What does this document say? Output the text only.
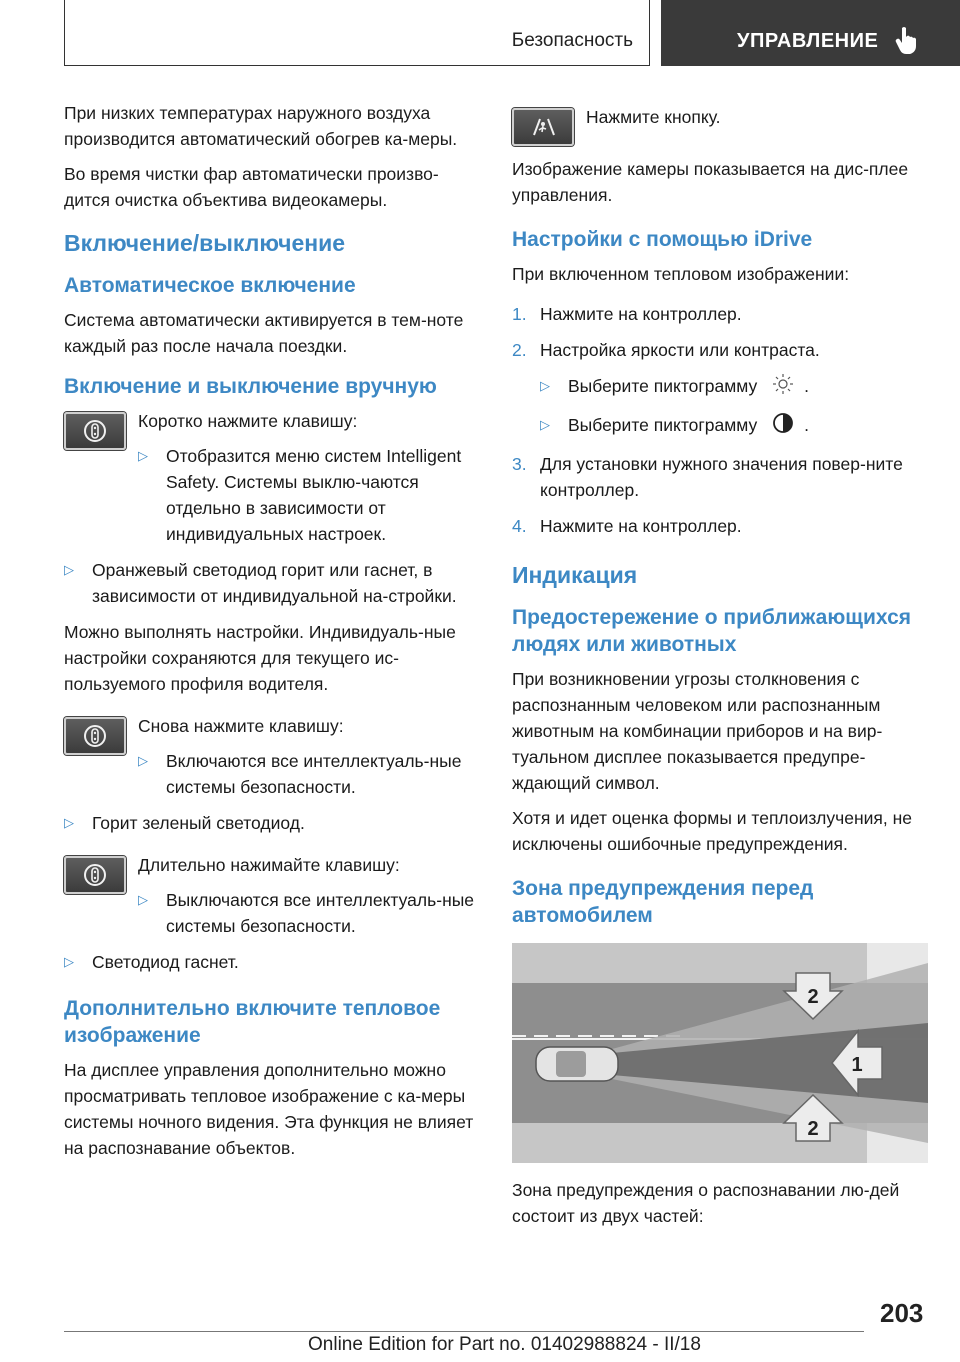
Безопасность	УПРАВЛЕНИЕ

При низких температурах наружного воздуха производится автоматический обогрев ка-меры.

Во время чистки фар автоматически произво-дится очистка объектива видеокамеры.

Включение/выключение
Автоматическое включение

Система автоматически активируется в тем-ноте каждый раз после начала поездки.

Включение и выключение вручную

Коротко нажмите клавишу:

▷	Отобразится меню систем Intelligent Safety. Системы выклю-чаются отдельно в зависимости от индивидуальных настроек.
▷	Оранжевый светодиод горит или гаснет, в зависимости от индивидуальной на-стройки.

Можно выполнять настройки. Индивидуаль-ные настройки сохраняются для текущего ис-пользуемого профиля водителя.

Снова нажмите клавишу:

▷	Включаются все интеллектуаль-ные системы безопасности.
▷	Горит зеленый светодиод.

Длительно нажимайте клавишу:

▷	Выключаются все интеллектуаль-ные системы безопасности.
▷	Светодиод гаснет.
Дополнительно включите тепловое изображение

На дисплее управления дополнительно можно просматривать тепловое изображение с ка-меры системы ночного видения. Эта функция не влияет на распознавание объектов.

Нажмите кнопку.

Изображение камеры показывается на дис-плее управления.

Настройки с помощью iDrive

При включенном тепловом изображении:

1. Нажмите на контроллер.
2. Настройка яркости или контраста.
▷	Выберите пиктограмму	.
▷	Выберите пиктограмму	.
3. Для установки нужного значения повер-ните контроллер.
4. Нажмите на контроллер.
Индикация
Предостережение о приближающихся людях или животных

При возникновении угрозы столкновения с распознанным человеком или распознанным животным на комбинации приборов и на вир-туальном дисплее показывается предупре-ждающий символ.

Хотя и идет оценка формы и теплоизлучения, не исключены ошибочные предупреждения.

Зона предупреждения перед автомобилем
2
1
2

Зона предупреждения о распознавании лю-дей состоит из двух частей:

203
Online Edition for Part no. 01402988824 - II/18
